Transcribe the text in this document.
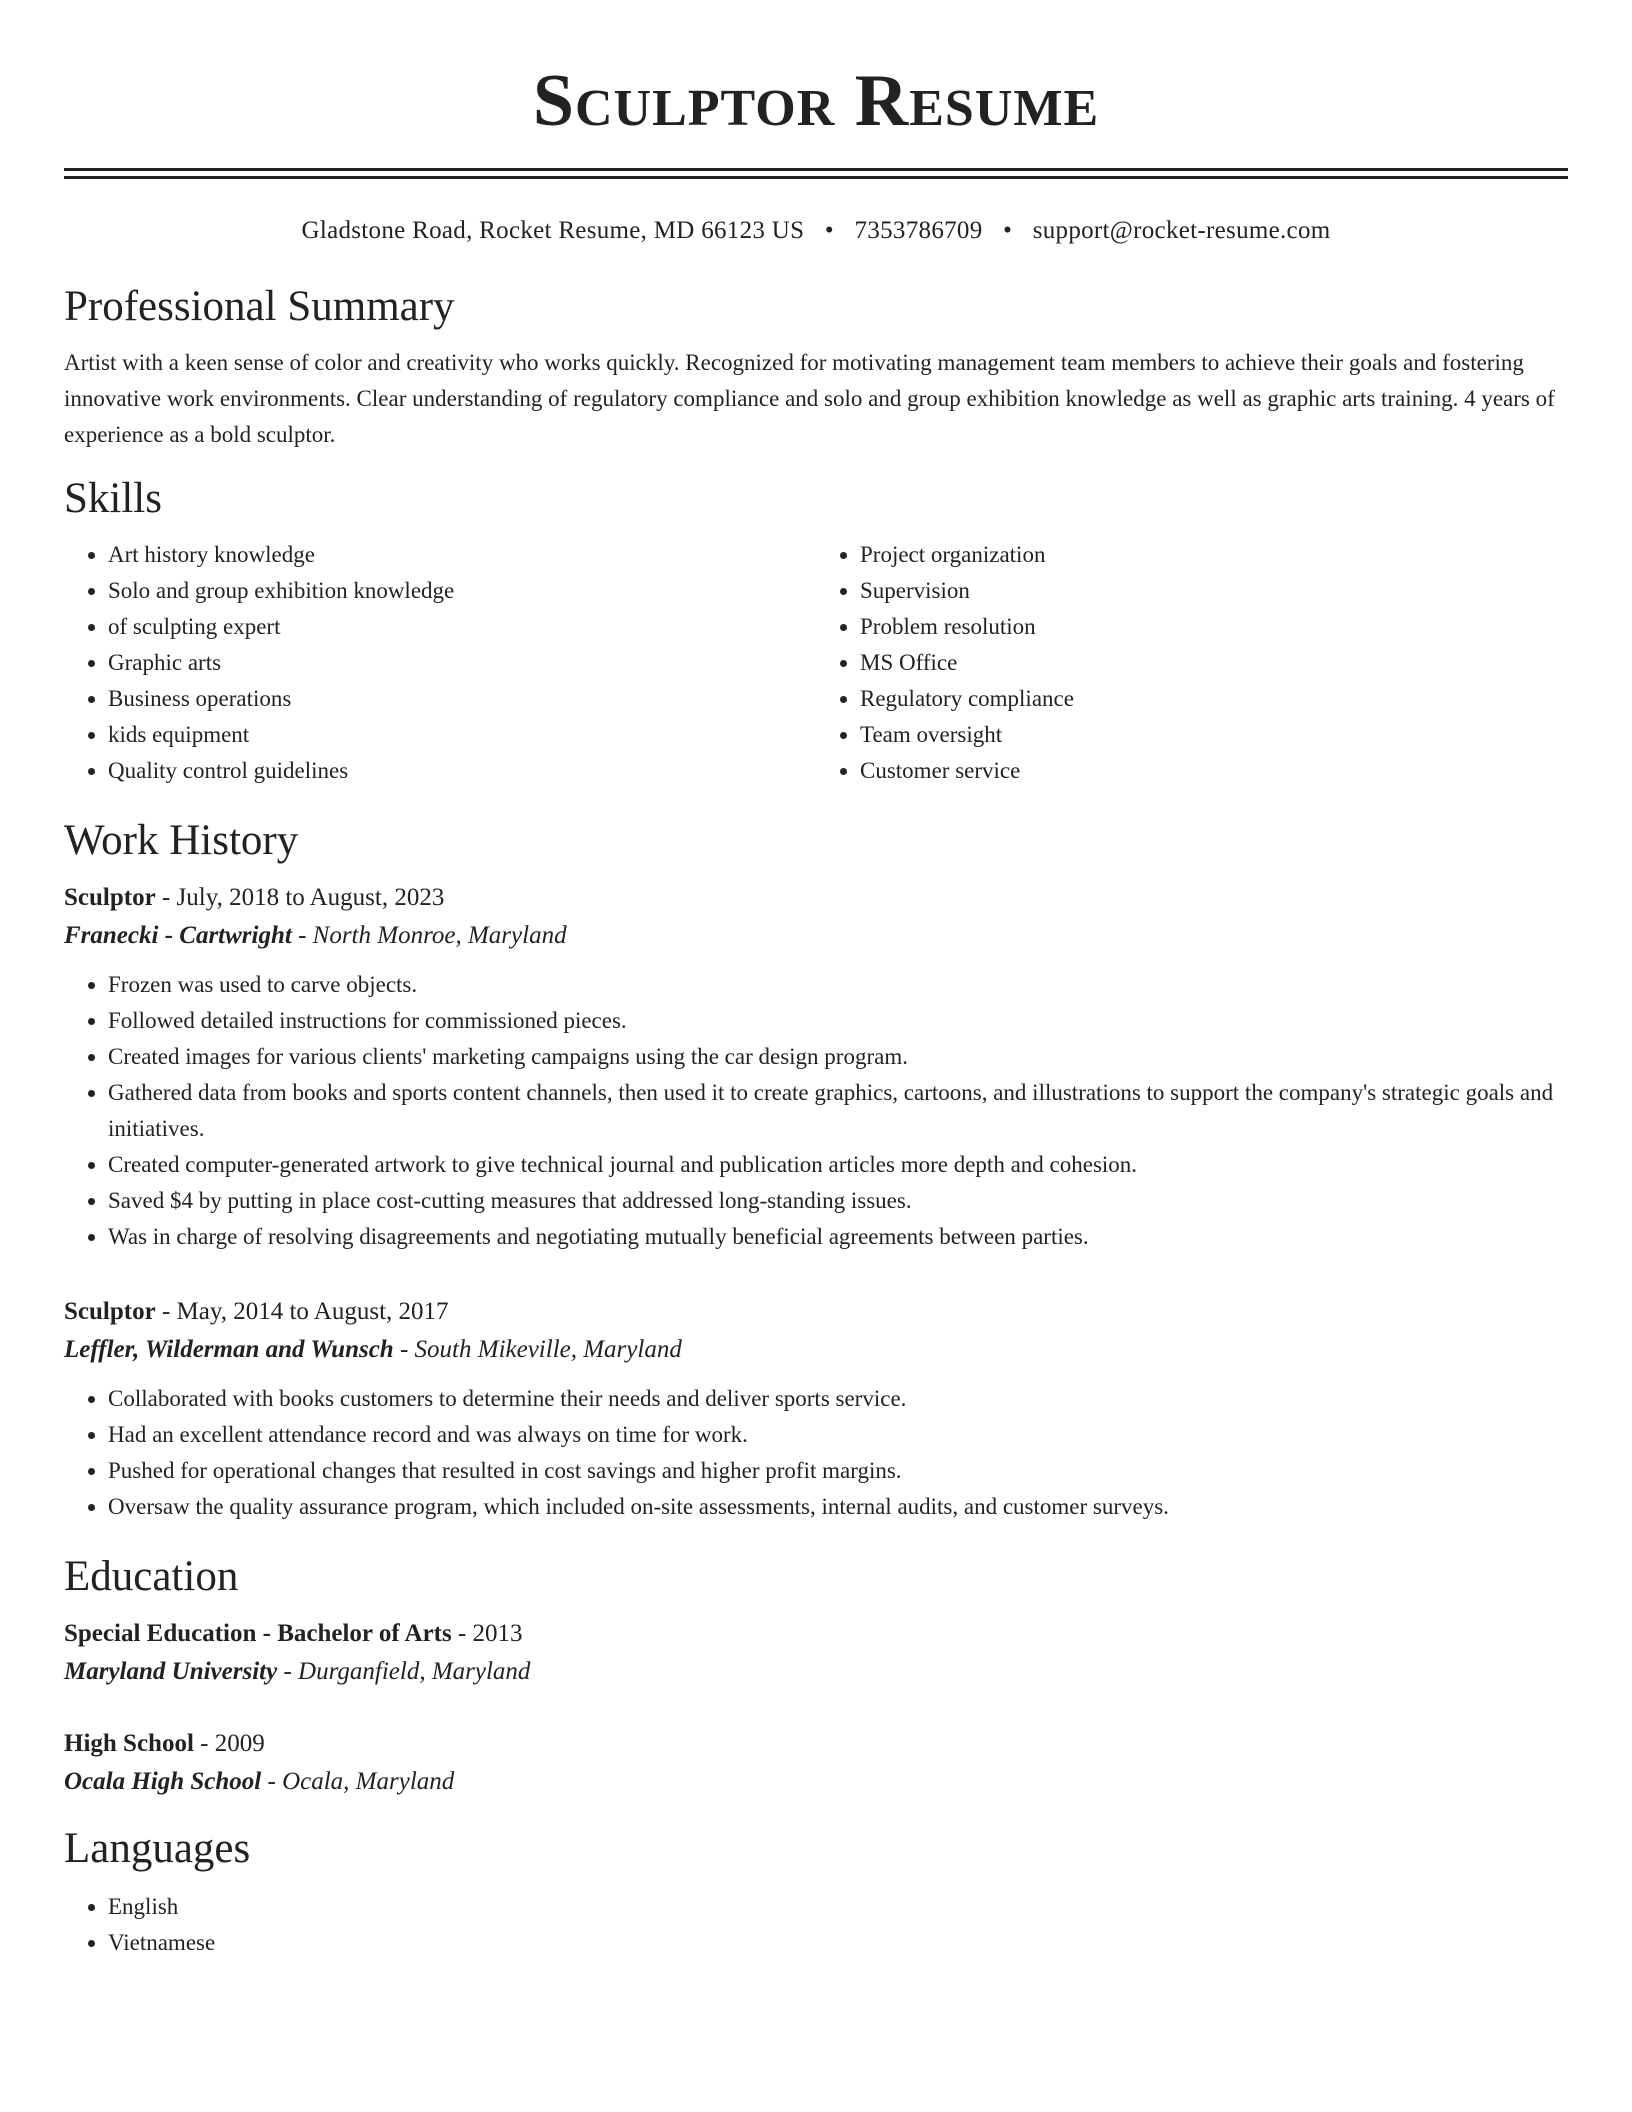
Sculptor Resume
Gladstone Road, Rocket Resume, MD 66123 US • 7353786709 • support@rocket-resume.com
Professional Summary
Artist with a keen sense of color and creativity who works quickly. Recognized for motivating management team members to achieve their goals and fostering innovative work environments. Clear understanding of regulatory compliance and solo and group exhibition knowledge as well as graphic arts training. 4 years of experience as a bold sculptor.
Skills
• Art history knowledge
• Solo and group exhibition knowledge
• of sculpting expert
• Graphic arts
• Business operations
• kids equipment
• Quality control guidelines
• Project organization
• Supervision
• Problem resolution
• MS Office
• Regulatory compliance
• Team oversight
• Customer service
Work History
Sculptor - July, 2018 to August, 2023
Franecki - Cartwright - North Monroe, Maryland
• Frozen was used to carve objects.
• Followed detailed instructions for commissioned pieces.
• Created images for various clients' marketing campaigns using the car design program.
• Gathered data from books and sports content channels, then used it to create graphics, cartoons, and illustrations to support the company's strategic goals and initiatives.
• Created computer-generated artwork to give technical journal and publication articles more depth and cohesion.
• Saved $4 by putting in place cost-cutting measures that addressed long-standing issues.
• Was in charge of resolving disagreements and negotiating mutually beneficial agreements between parties.
Sculptor - May, 2014 to August, 2017
Leffler, Wilderman and Wunsch - South Mikeville, Maryland
• Collaborated with books customers to determine their needs and deliver sports service.
• Had an excellent attendance record and was always on time for work.
• Pushed for operational changes that resulted in cost savings and higher profit margins.
• Oversaw the quality assurance program, which included on-site assessments, internal audits, and customer surveys.
Education
Special Education - Bachelor of Arts - 2013
Maryland University - Durganfield, Maryland
High School - 2009
Ocala High School - Ocala, Maryland
Languages
• English
• Vietnamese
